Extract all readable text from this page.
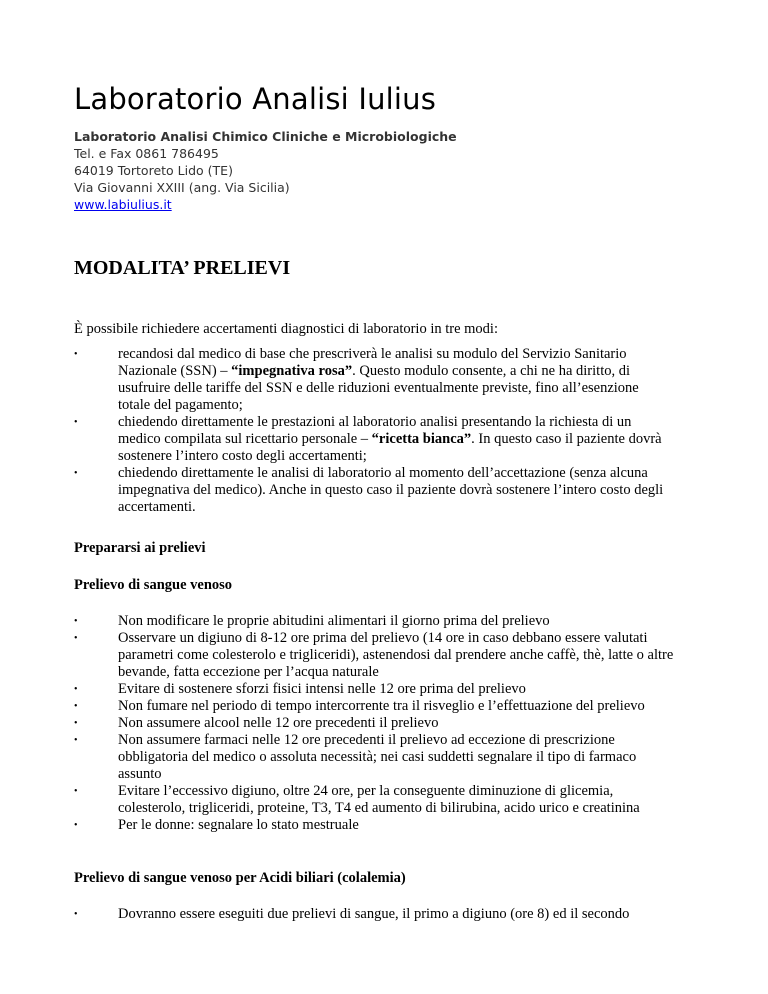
Laboratorio Analisi Iulius
Laboratorio Analisi Chimico Cliniche e Microbiologiche
Tel. e Fax 0861 786495
64019 Tortoreto Lido (TE)
Via Giovanni XXIII (ang. Via Sicilia)
www.labiulius.it
MODALITA’ PRELIEVI

È possibile richiedere accertamenti diagnostici di laboratorio in tre modi:

• recandosi dal medico di base che prescriverà le analisi su modulo del Servizio Sanitario Nazionale (SSN) – “impegnativa rosa”. Questo modulo consente, a chi ne ha diritto, di usufruire delle tariffe del SSN e delle riduzioni eventualmente previste, fino all’esenzione totale del pagamento;
• chiedendo direttamente le prestazioni al laboratorio analisi presentando la richiesta di un medico compilata sul ricettario personale – “ricetta bianca”. In questo caso il paziente dovrà sostenere l’intero costo degli accertamenti;
• chiedendo direttamente le analisi di laboratorio al momento dell’accettazione (senza alcuna impegnativa del medico). Anche in questo caso il paziente dovrà sostenere l’intero costo degli accertamenti.

Prepararsi ai prelievi

Prelievo di sangue venoso

• Non modificare le proprie abitudini alimentari il giorno prima del prelievo
• Osservare un digiuno di 8-12 ore prima del prelievo (14 ore in caso debbano essere valutati parametri come colesterolo e trigliceridi), astenendosi dal prendere anche caffè, thè, latte o altre bevande, fatta eccezione per l’acqua naturale
• Evitare di sostenere sforzi fisici intensi nelle 12 ore prima del prelievo
• Non fumare nel periodo di tempo intercorrente tra il risveglio e l’effettuazione del prelievo
• Non assumere alcool nelle 12 ore precedenti il prelievo
• Non assumere farmaci nelle 12 ore precedenti il prelievo ad eccezione di prescrizione obbligatoria del medico o assoluta necessità; nei casi suddetti segnalare il tipo di farmaco assunto
• Evitare l’eccessivo digiuno, oltre 24 ore, per la conseguente diminuzione di glicemia, colesterolo, trigliceridi, proteine, T3, T4 ed aumento di bilirubina, acido urico e creatinina
• Per le donne: segnalare lo stato mestruale

Prelievo di sangue venoso per Acidi biliari (colalemia)

• Dovranno essere eseguiti due prelievi di sangue, il primo a digiuno (ore 8) ed il secondo
